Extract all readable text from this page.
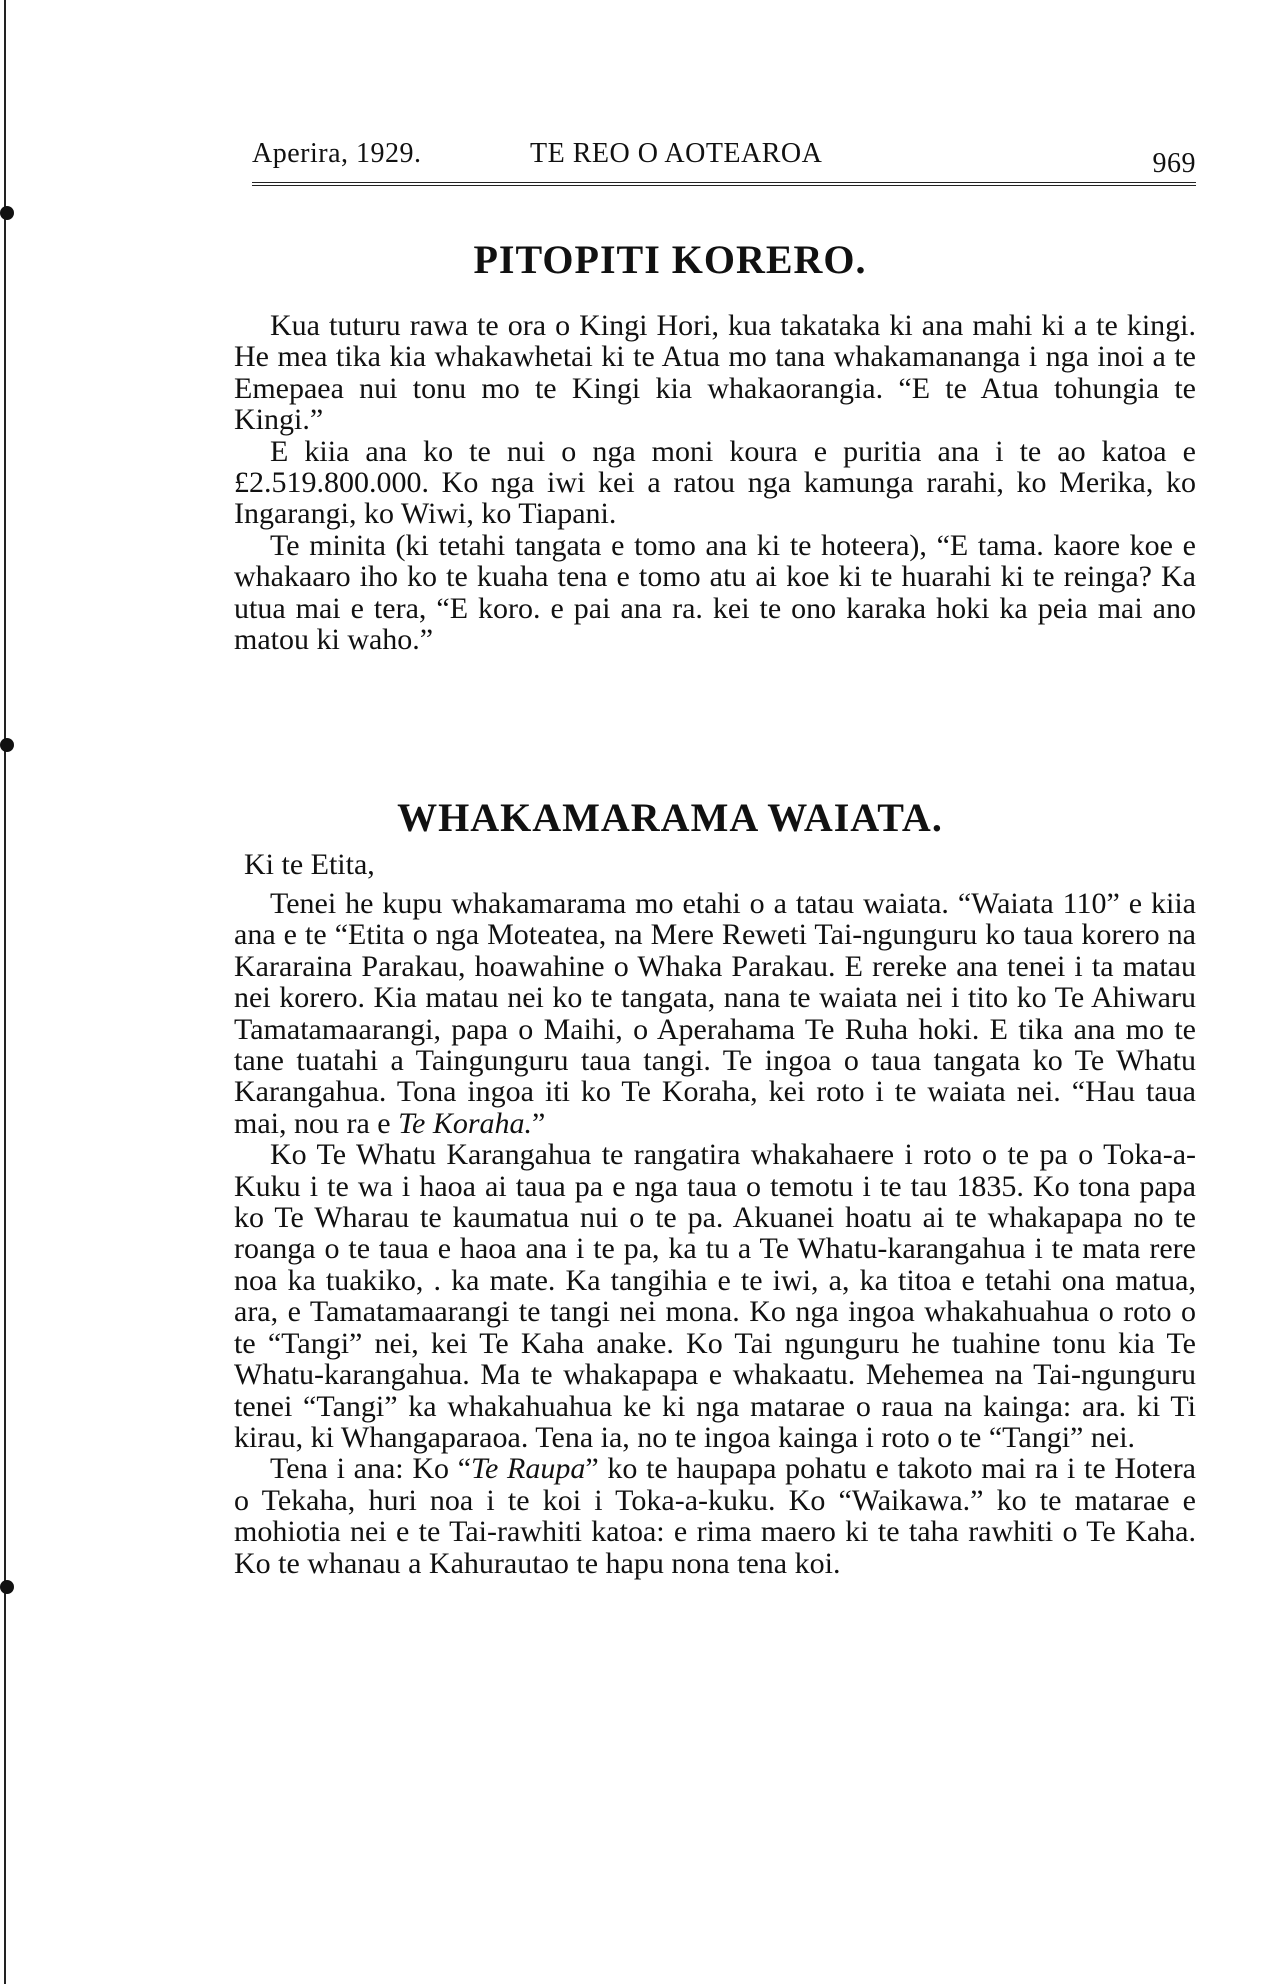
Aperira, 1929.	TE REO O AOTEAROA	969
PITOPITI KORERO.

Kua tuturu rawa te ora o Kingi Hori, kua takataka ki ana mahi ki a te kingi. He mea tika kia whakawhetai ki te Atua mo tana whakamananga i nga inoi a te Emepaea nui tonu mo te Kingi kia whakaorangia. “E te Atua tohungia te Kingi.”

E kiia ana ko te nui o nga moni koura e puritia ana i te ao katoa e £2.519.800.000. Ko nga iwi kei a ratou nga kamunga rarahi, ko Merika, ko Ingarangi, ko Wiwi, ko Tiapani.

Te minita (ki tetahi tangata e tomo ana ki te hoteera), “E tama. kaore koe e whakaaro iho ko te kuaha tena e tomo atu ai koe ki te huarahi ki te reinga? Ka utua mai e tera, “E koro. e pai ana ra. kei te ono karaka hoki ka peia mai ano matou ki waho.”

WHAKAMARAMA WAIATA.
Ki te Etita,

Tenei he kupu whakamarama mo etahi o a tatau waiata. “Waiata 110” e kiia ana e te “Etita o nga Moteatea, na Mere Reweti Tai-ngunguru ko taua korero na Kararaina Parakau, hoawahine o Whaka Parakau. E rereke ana tenei i ta matau nei korero. Kia matau nei ko te tangata, nana te waiata nei i tito ko Te Ahiwaru Tamatamaarangi, papa o Maihi, o Aperahama Te Ruha hoki. E tika ana mo te tane tuatahi a Taingunguru taua tangi. Te ingoa o taua tangata ko Te Whatu Karangahua. Tona ingoa iti ko Te Koraha, kei roto i te waiata nei. “Hau taua mai, nou ra e Te Koraha.”

Ko Te Whatu Karangahua te rangatira whakahaere i roto o te pa o Toka-a-Kuku i te wa i haoa ai taua pa e nga taua o temotu i te tau 1835. Ko tona papa ko Te Wharau te kaumatua nui o te pa. Akuanei hoatu ai te whakapapa no te roanga o te taua e haoa ana i te pa, ka tu a Te Whatu-karangahua i te mata rere noa ka tuakiko, . ka mate. Ka tangihia e te iwi, a, ka titoa e tetahi ona matua, ara, e Tamatamaarangi te tangi nei mona. Ko nga ingoa whakahuahua o roto o te “Tangi” nei, kei Te Kaha anake. Ko Tai ngunguru he tuahine tonu kia Te Whatu-karangahua. Ma te whakapapa e whakaatu. Mehemea na Tai-ngunguru tenei “Tangi” ka whakahuahua ke ki nga matarae o raua na kainga: ara. ki Ti kirau, ki Whangaparaoa. Tena ia, no te ingoa kainga i roto o te “Tangi” nei.

Tena i ana: Ko “Te Raupa” ko te haupapa pohatu e takoto mai ra i te Hotera o Tekaha, huri noa i te koi i Toka-a-kuku. Ko “Waikawa.” ko te matarae e mohiotia nei e te Tai-rawhiti katoa: e rima maero ki te taha rawhiti o Te Kaha. Ko te whanau a Kahurautao te hapu nona tena koi.
